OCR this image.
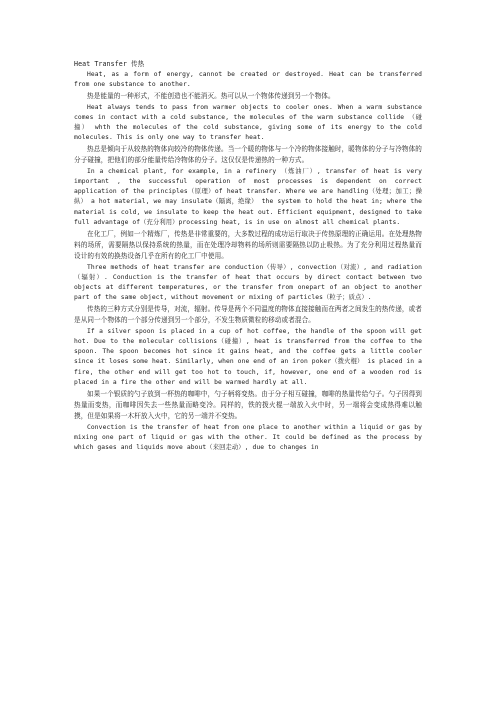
Heat Transfer 传热

Heat, as a form of energy, cannot be created or destroyed. Heat can be transferred from one substance to another.

热是能量的一种形式，不能创造也不能消灭。热可以从一个物体传递到另一个物体。

Heat always tends to pass from warmer objects to cooler ones. When a warm substance comes in contact with a cold substance, the molecules of the warm substance collide （碰撞） whth the molecules of the cold substance, giving some of its energy to the cold molecules. This is only one way to transfer heat.

热总是倾向于从较热的物体向较冷的物体传递。当一个暖的物体与一个冷的物体接触时，暖物体的分子与冷物体的分子碰撞，把他们的部分能量传给冷物体的分子。这仅仅是传递热的一种方式。

In a chemical plant, for example, in a refinery （炼油厂）, transfer of heat is very important , the successful operation of most processes is dependent on correct application of the principles（原理）of heat transfer. Where we are handling（处理；加工；操纵） a hot material, we may insulate（隔离，绝缘） the system to hold the heat in; where the material is cold, we insulate to keep the heat out. Efficient equipment, designed to take full advantage of（充分利用）processing heat, is in use on almost all chemical plants.

在化工厂，例如一个精炼厂，传热是非常重要的，大多数过程的成功运行取决于传热原理的正确运用。在处理热物料的场所，需要隔热以保持系统的热量，而在处理冷却物料的场所则需要隔热以防止吸热。为了充分利用过程热量而设计的有效的换热设备几乎在所有的化工厂中使用。

Three methods of heat transfer are conduction（传导）, convection（对流）, and radiation（辐射）. Conduction is the transfer of heat that occurs by direct contact between two objects at different temperatures, or the transfer from onepart of an object to another part of the same object, without movement or mixing of particles（粒子；质点）.

传热的三种方式分别是传导，对流，辐射。传导是两个不同温度的物体直接接触而在两者之间发生的热传递，或者是从同一个物体的一个部分传递到另一个部分，不发生物质微粒的移动或者混合。

If a silver spoon is placed in a cup of hot coffee, the handle of the spoon will get hot. Due to the molecular collisions（碰撞）, heat is transferred from the coffee to the spoon. The spoon becomes hot since it gains heat, and the coffee gets a little cooler since it loses some heat. Similarly, when one end of an iron poker（拨火棍） is placed in a fire, the other end will get too hot to touch, if, however, one end of a wooden rod is placed in a fire the other end will be warmed hardly at all.

如果一个银质的勺子放到一杯热的咖啡中，勺子柄将变热。由于分子相互碰撞，咖啡的热量传给勺子。勺子因得到热量而变热，而咖啡因失去一些热量而略变冷。同样的，铁的拨火棍一端放入火中时，另一端将会变成热得难以触摸，但是如果将一木杆放入火中，它的另一端并不变热。

Convection is the transfer of heat from one place to another within a liquid or gas by mixing one part of liquid or gas with the other. It could be defined as the process by which gases and liquids move about（来回走动）, due to changes in
